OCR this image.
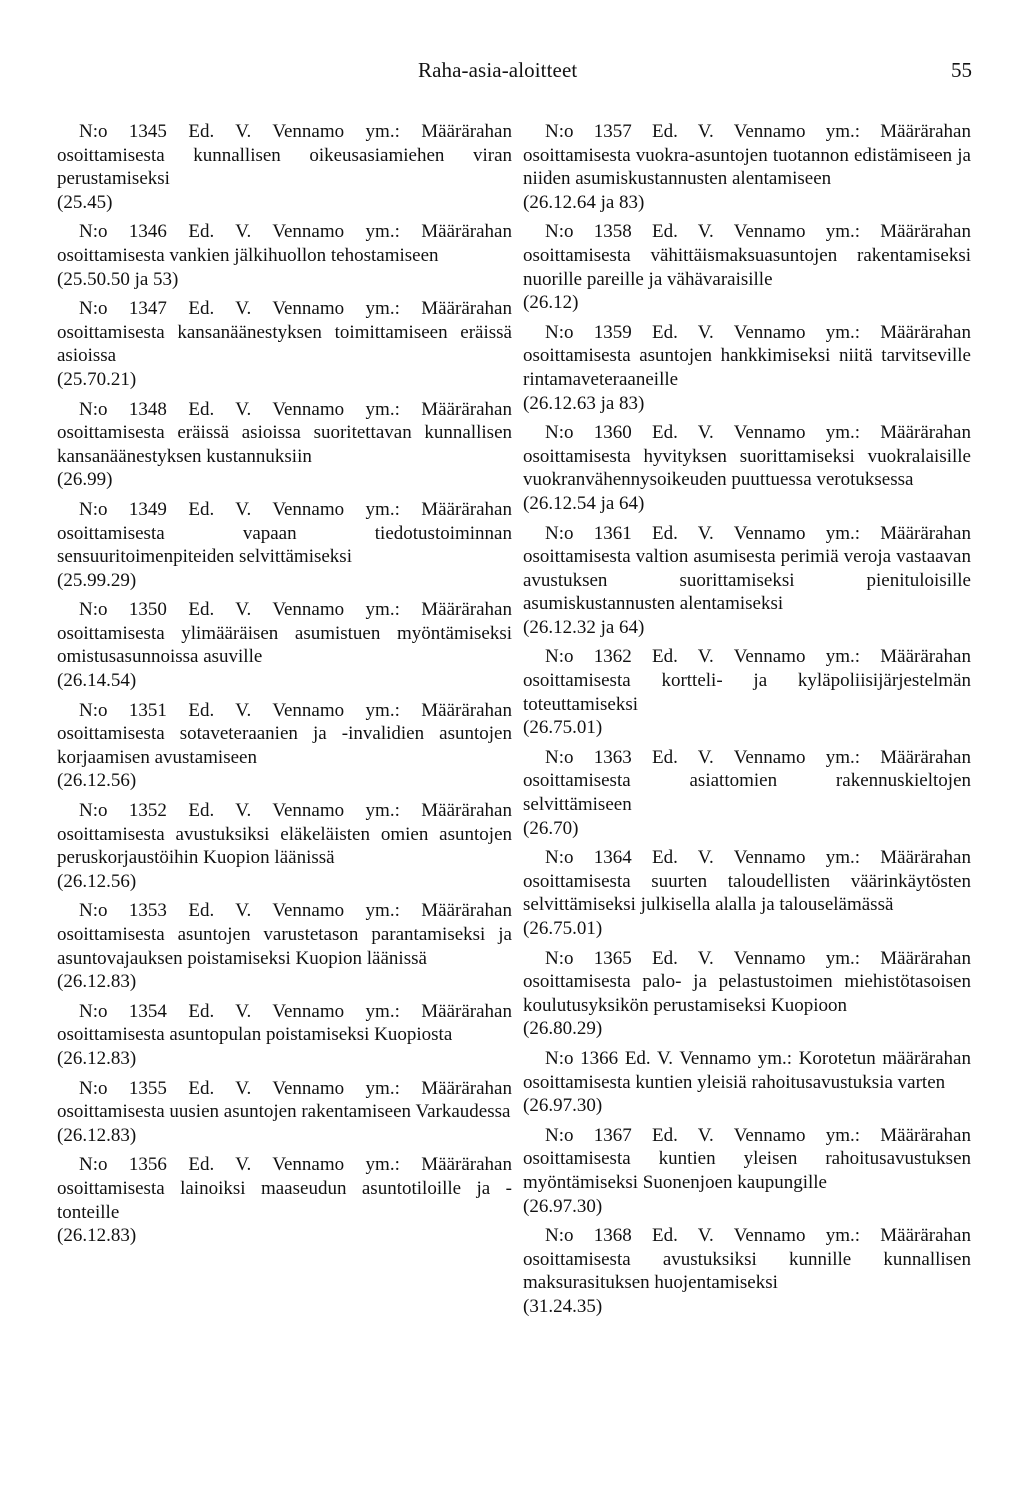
Raha-asia-aloitteet	55

N:o 1345 Ed. V. Vennamo ym.: Määrärahan osoittamisesta kunnallisen oikeusasiamiehen viran perustamiseksi

(25.45)

N:o 1346 Ed. V. Vennamo ym.: Määrärahan osoittamisesta vankien jälkihuollon tehostamiseen

(25.50.50 ja 53)

N:o 1347 Ed. V. Vennamo ym.: Määrärahan osoittamisesta kansanäänestyksen toimittamiseen eräissä asioissa

(25.70.21)

N:o 1348 Ed. V. Vennamo ym.: Määrärahan osoittamisesta eräissä asioissa suoritettavan kunnallisen kansanäänestyksen kustannuksiin

(26.99)

N:o 1349 Ed. V. Vennamo ym.: Määrärahan osoittamisesta vapaan tiedotustoiminnan sensuuritoimenpiteiden selvittämiseksi

(25.99.29)

N:o 1350 Ed. V. Vennamo ym.: Määrärahan osoittamisesta ylimääräisen asumistuen myöntämiseksi omistusasunnoissa asuville

(26.14.54)

N:o 1351 Ed. V. Vennamo ym.: Määrärahan osoittamisesta sotaveteraanien ja -invalidien asuntojen korjaamisen avustamiseen

(26.12.56)

N:o 1352 Ed. V. Vennamo ym.: Määrärahan osoittamisesta avustuksiksi eläkeläisten omien asuntojen peruskorjaustöihin Kuopion läänissä

(26.12.56)

N:o 1353 Ed. V. Vennamo ym.: Määrärahan osoittamisesta asuntojen varustetason parantamiseksi ja asuntovajauksen poistamiseksi Kuopion läänissä

(26.12.83)

N:o 1354 Ed. V. Vennamo ym.: Määrärahan osoittamisesta asuntopulan poistamiseksi Kuopiosta

(26.12.83)

N:o 1355 Ed. V. Vennamo ym.: Määrärahan osoittamisesta uusien asuntojen rakentamiseen Varkaudessa

(26.12.83)

N:o 1356 Ed. V. Vennamo ym.: Määrärahan osoittamisesta lainoiksi maaseudun asuntotiloille ja -tonteille

(26.12.83)

N:o 1357 Ed. V. Vennamo ym.: Määrärahan osoittamisesta vuokra-asuntojen tuotannon edistämiseen ja niiden asumiskustannusten alentamiseen

(26.12.64 ja 83)

N:o 1358 Ed. V. Vennamo ym.: Määrärahan osoittamisesta vähittäismaksuasuntojen rakentamiseksi nuorille pareille ja vähävaraisille

(26.12)

N:o 1359 Ed. V. Vennamo ym.: Määrärahan osoittamisesta asuntojen hankkimiseksi niitä tarvitseville rintamaveteraaneille

(26.12.63 ja 83)

N:o 1360 Ed. V. Vennamo ym.: Määrärahan osoittamisesta hyvityksen suorittamiseksi vuokralaisille vuokranvähennysoikeuden puuttuessa verotuksessa

(26.12.54 ja 64)

N:o 1361 Ed. V. Vennamo ym.: Määrärahan osoittamisesta valtion asumisesta perimiä veroja vastaavan avustuksen suorittamiseksi pienituloisille asumiskustannusten alentamiseksi

(26.12.32 ja 64)

N:o 1362 Ed. V. Vennamo ym.: Määrärahan osoittamisesta kortteli- ja kyläpoliisijärjestelmän toteuttamiseksi

(26.75.01)

N:o 1363 Ed. V. Vennamo ym.: Määrärahan osoittamisesta asiattomien rakennuskieltojen selvittämiseen

(26.70)

N:o 1364 Ed. V. Vennamo ym.: Määrärahan osoittamisesta suurten taloudellisten väärinkäytösten selvittämiseksi julkisella alalla ja talouselämässä

(26.75.01)

N:o 1365 Ed. V. Vennamo ym.: Määrärahan osoittamisesta palo- ja pelastustoimen miehistötasoisen koulutusyksikön perustamiseksi Kuopioon

(26.80.29)

N:o 1366 Ed. V. Vennamo ym.: Korotetun määrärahan osoittamisesta kuntien yleisiä rahoitusavustuksia varten

(26.97.30)

N:o 1367 Ed. V. Vennamo ym.: Määrärahan osoittamisesta kuntien yleisen rahoitusavustuksen myöntämiseksi Suonenjoen kaupungille

(26.97.30)

N:o 1368 Ed. V. Vennamo ym.: Määrärahan osoittamisesta avustuksiksi kunnille kunnallisen maksurasituksen huojentamiseksi

(31.24.35)
